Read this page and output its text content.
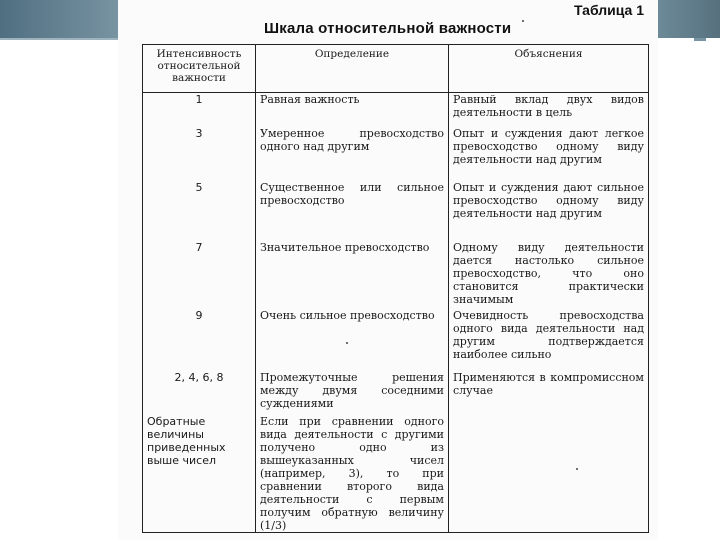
Таблица 1
Шкала относительной важности
Интенсивность относительной важности	Определение	Объяснения
1	Равная важность	Равный вклад двух видов деятельности в цель
3	Умеренное превосходство одного над другим	Опыт и суждения дают легкое превосходство одному виду деятельности над другим
5	Существенное или сильное превосходство	Опыт и суждения дают сильное превосходство одному виду деятельности над другим
7	Значительное превосходство	Одному виду деятельности дается настолько сильное превосходство, что оно становится практически значимым
9	Очень сильное превосходство	Очевидность превосходства одного вида деятельности над другим подтверждается наиболее сильно
2, 4, 6, 8	Промежуточные решения между двумя соседними суждениями	Применяются в компромиссном случае
Обратные величины приведенных выше чисел	Если при сравнении одного вида деятельности с другими получено одно из вышеуказанных чисел (например, 3), то при сравнении второго вида деятельности с первым получим обратную величину (1/3)	
